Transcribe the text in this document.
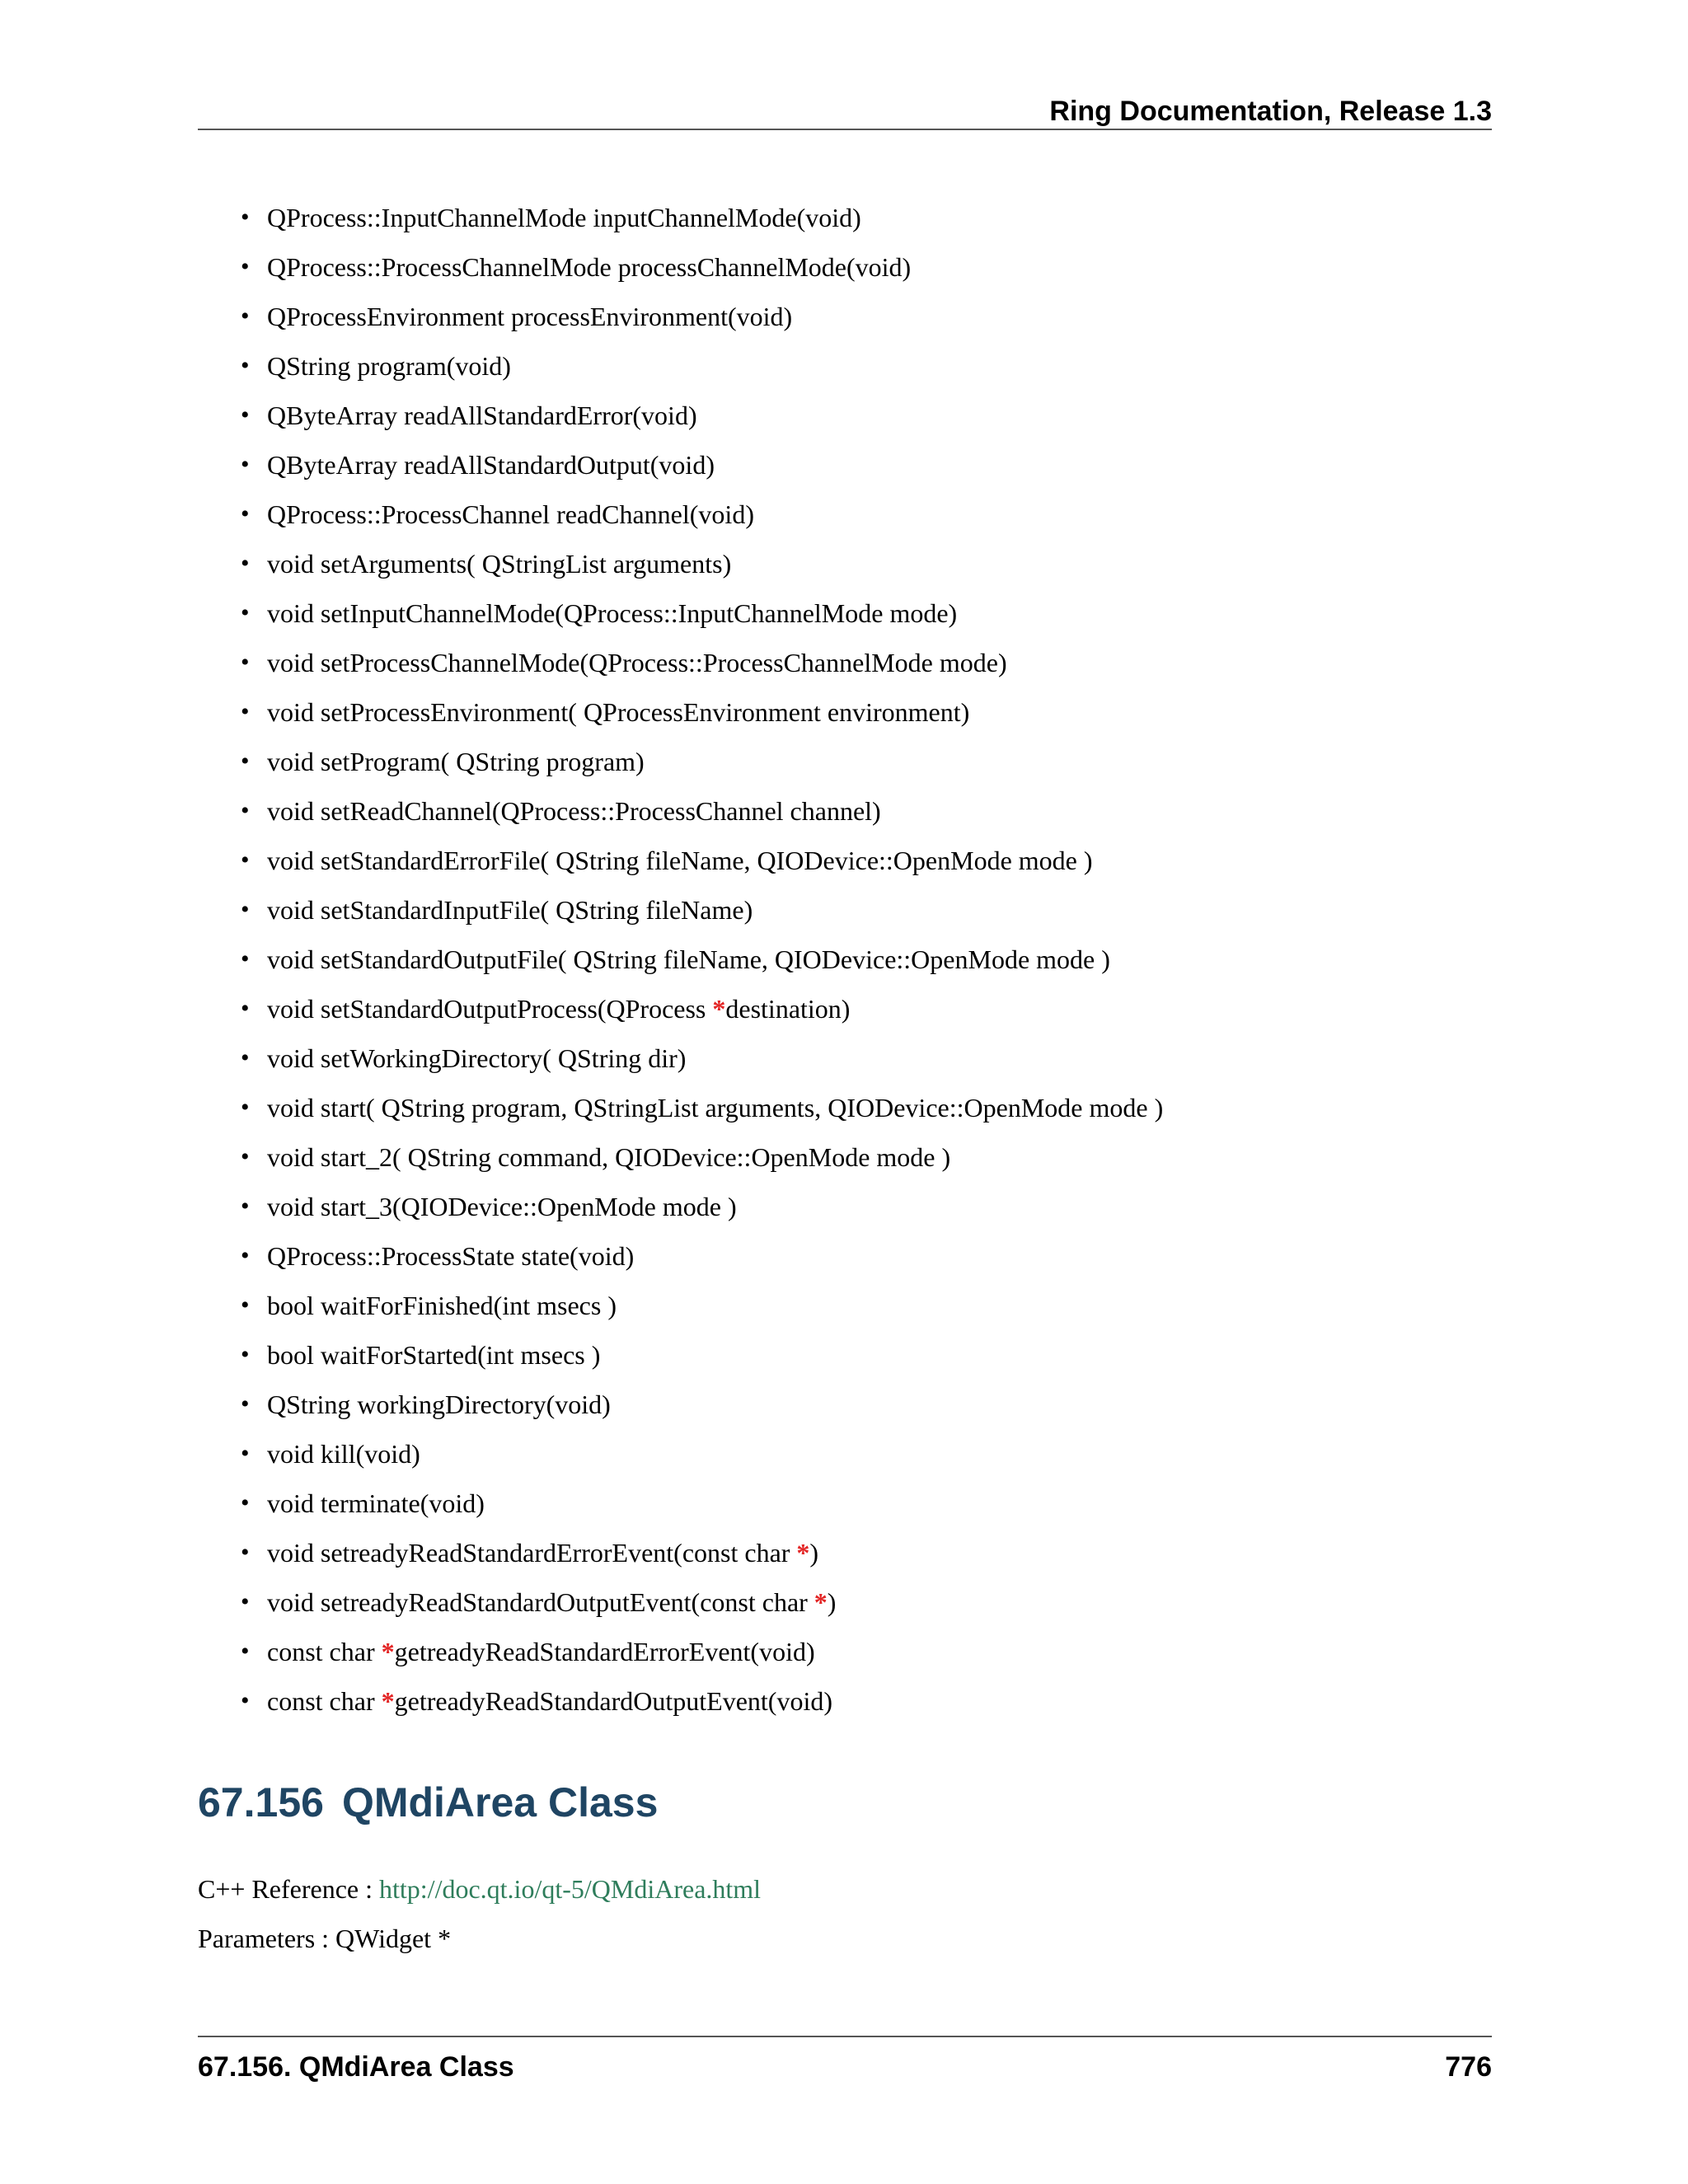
Ring Documentation, Release 1.3
• QProcess::InputChannelMode inputChannelMode(void)
• QProcess::ProcessChannelMode processChannelMode(void)
• QProcessEnvironment processEnvironment(void)
• QString program(void)
• QByteArray readAllStandardError(void)
• QByteArray readAllStandardOutput(void)
• QProcess::ProcessChannel readChannel(void)
• void setArguments( QStringList arguments)
• void setInputChannelMode(QProcess::InputChannelMode mode)
• void setProcessChannelMode(QProcess::ProcessChannelMode mode)
• void setProcessEnvironment( QProcessEnvironment environment)
• void setProgram( QString program)
• void setReadChannel(QProcess::ProcessChannel channel)
• void setStandardErrorFile( QString fileName, QIODevice::OpenMode mode )
• void setStandardInputFile( QString fileName)
• void setStandardOutputFile( QString fileName, QIODevice::OpenMode mode )
• void setStandardOutputProcess(QProcess *destination)
• void setWorkingDirectory( QString dir)
• void start( QString program, QStringList arguments, QIODevice::OpenMode mode )
• void start_2( QString command, QIODevice::OpenMode mode )
• void start_3(QIODevice::OpenMode mode )
• QProcess::ProcessState state(void)
• bool waitForFinished(int msecs )
• bool waitForStarted(int msecs )
• QString workingDirectory(void)
• void kill(void)
• void terminate(void)
• void setreadyReadStandardErrorEvent(const char *)
• void setreadyReadStandardOutputEvent(const char *)
• const char *getreadyReadStandardErrorEvent(void)
• const char *getreadyReadStandardOutputEvent(void)
67.156 QMdiArea Class

C++ Reference : http://doc.qt.io/qt-5/QMdiArea.html

Parameters : QWidget *

67.156. QMdiArea Class	776
